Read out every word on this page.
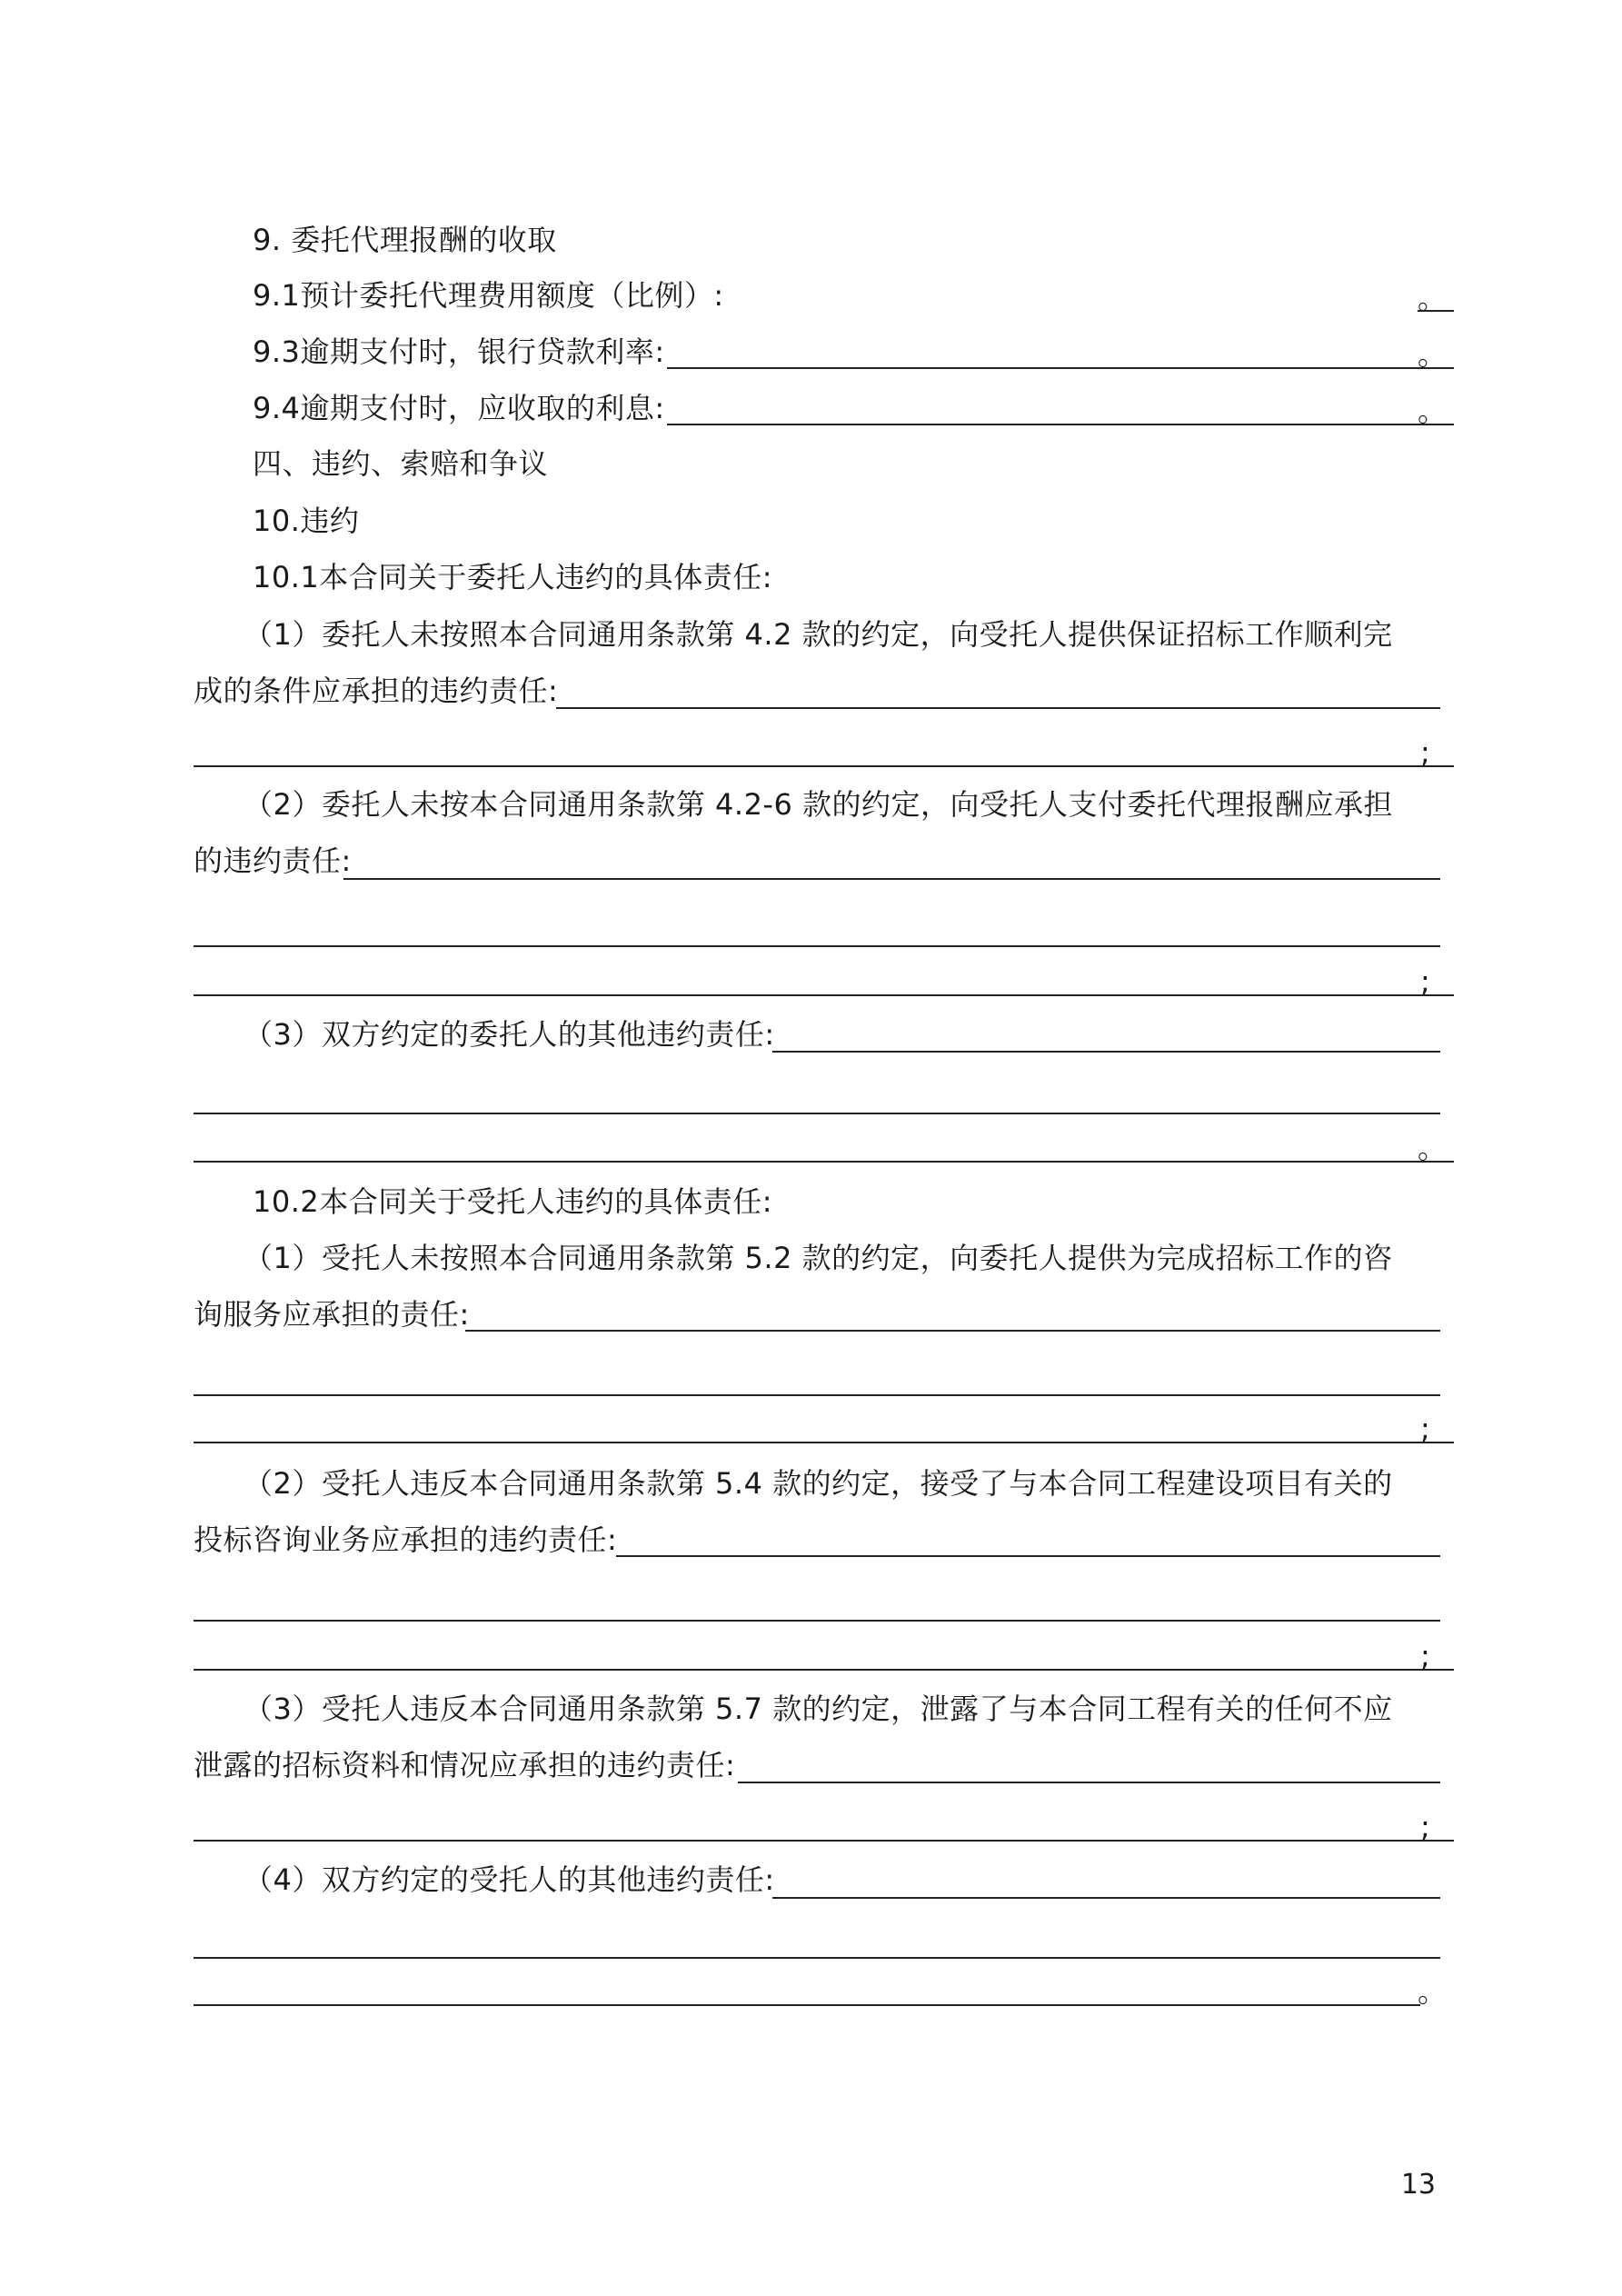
9. 委托代理报酬的收取
9.1预计委托代理费用额度（比例）:	。
9.3逾期支付时，银行贷款利率:	。
9.4逾期支付时，应收取的利息:	。
四、违约、索赔和争议
10.违约
10.1本合同关于委托人违约的具体责任:
（1）委托人未按照本合同通用条款第 4.2 款的约定，向受托人提供保证招标工作顺利完
成的条件应承担的违约责任:
;
（2）委托人未按本合同通用条款第 4.2-6 款的约定，向受托人支付委托代理报酬应承担
的违约责任:
;
（3）双方约定的委托人的其他违约责任:
。
10.2本合同关于受托人违约的具体责任:
（1）受托人未按照本合同通用条款第 5.2 款的约定，向委托人提供为完成招标工作的咨
询服务应承担的责任:
;
（2）受托人违反本合同通用条款第 5.4 款的约定，接受了与本合同工程建设项目有关的
投标咨询业务应承担的违约责任:
;
（3）受托人违反本合同通用条款第 5.7 款的约定，泄露了与本合同工程有关的任何不应
泄露的招标资料和情况应承担的违约责任:
;
（4）双方约定的受托人的其他违约责任:
。
13
